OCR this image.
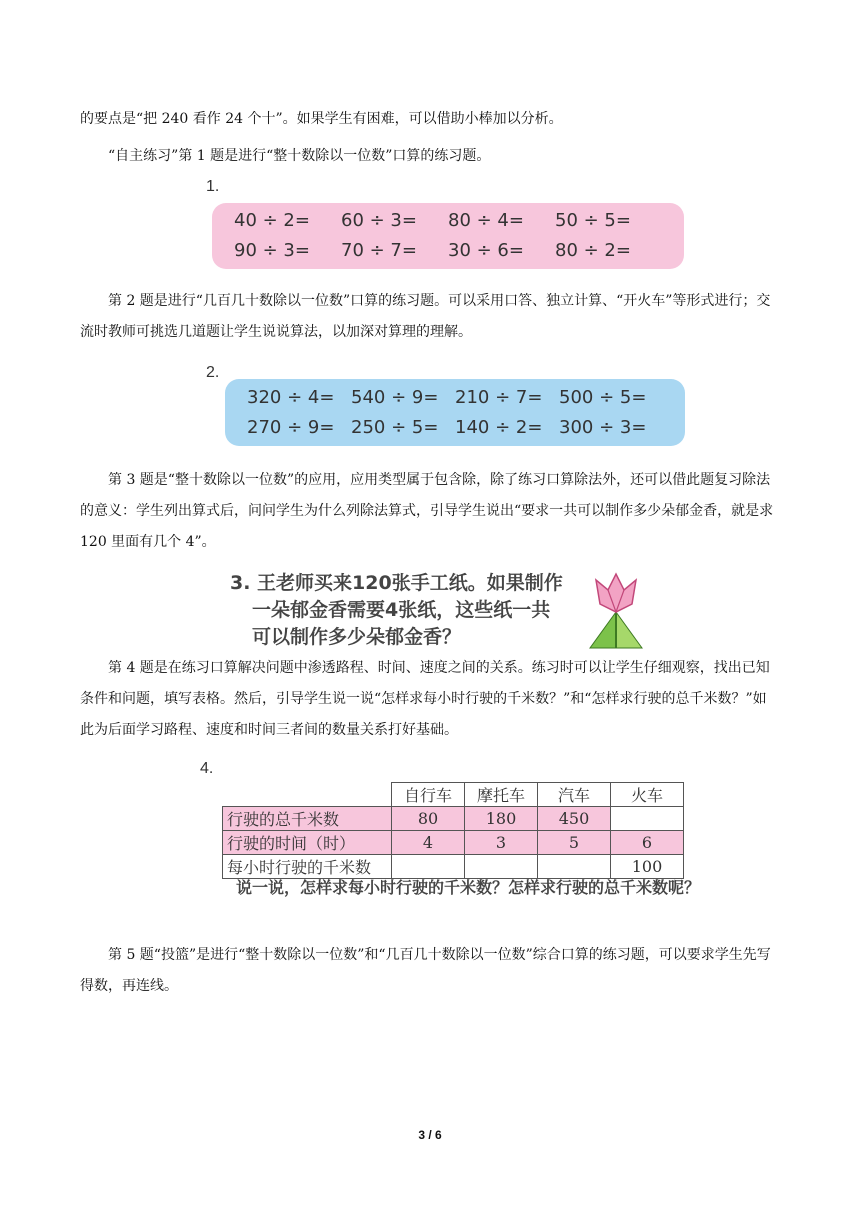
的要点是“把 240 看作 24 个十”。如果学生有困难，可以借助小棒加以分析。

“自主练习”第 1 题是进行“整十数除以一位数”口算的练习题。

1.
40 ÷ 2=	60 ÷ 3=	80 ÷ 4=	50 ÷ 5=
90 ÷ 3=	70 ÷ 7=	30 ÷ 6=	80 ÷ 2=

第 2 题是进行“几百几十数除以一位数”口算的练习题。可以采用口答、独立计算、“开火车”等形式进行；交流时教师可挑选几道题让学生说说算法，以加深对算理的理解。

2.
320 ÷ 4= 540 ÷ 9= 210 ÷ 7= 500 ÷ 5=
270 ÷ 9= 250 ÷ 5= 140 ÷ 2= 300 ÷ 3=

第 3 题是“整十数除以一位数”的应用，应用类型属于包含除，除了练习口算除法外，还可以借此题复习除法的意义：学生列出算式后，问问学生为什么列除法算式，引导学生说出“要求一共可以制作多少朵郁金香，就是求 120 里面有几个 4”。

3. 王老师买来120张手工纸。如果制作
一朵郁金香需要4张纸，这些纸一共
可以制作多少朵郁金香？

第 4 题是在练习口算解决问题中渗透路程、时间、速度之间的关系。练习时可以让学生仔细观察，找出已知条件和问题，填写表格。然后，引导学生说一说“怎样求每小时行驶的千米数？”和“怎样求行驶的总千米数？”如此为后面学习路程、速度和时间三者间的数量关系打好基础。

4.
	自行车	摩托车	汽车	火车
行驶的总千米数	80	180	450	
行驶的时间（时）	4	3	5	6
每小时行驶的千米数				100
说一说，怎样求每小时行驶的千米数？怎样求行驶的总千米数呢？

第 5 题“投篮”是进行“整十数除以一位数”和“几百几十数除以一位数”综合口算的练习题，可以要求学生先写得数，再连线。

3 / 6
